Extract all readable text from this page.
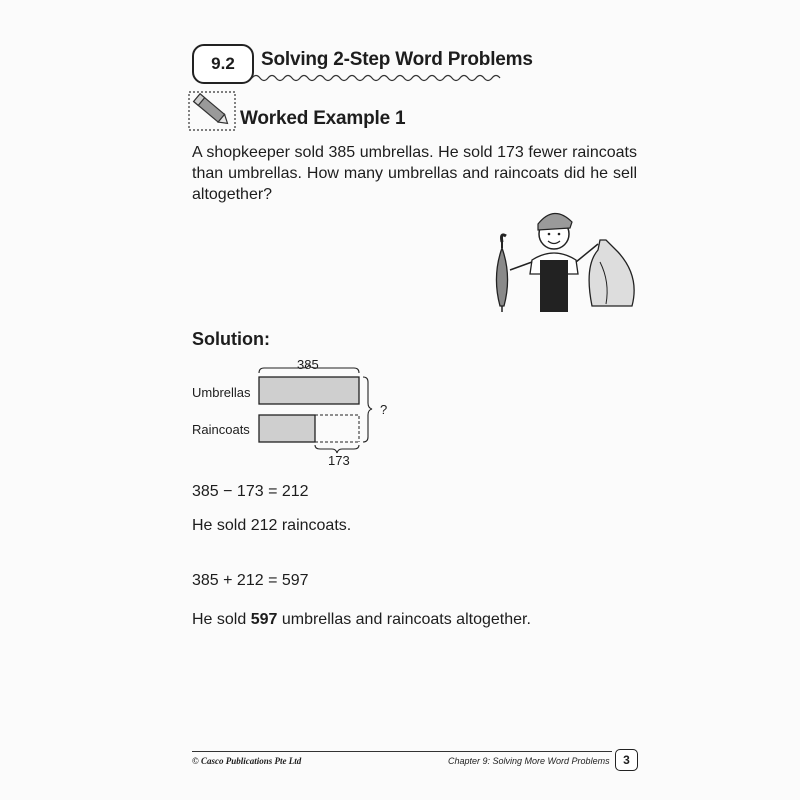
9.2	Solving 2-Step Word Problems
Worked Example 1
A shopkeeper sold 385 umbrellas. He sold 173 fewer raincoats than umbrellas. How many umbrellas and raincoats did he sell altogether?
Solution:
385
Umbrellas
Raincoats
173
?
385 − 173 = 212
He sold 212 raincoats.
385 + 212 = 597
He sold 597 umbrellas and raincoats altogether.
© Casco Publications Pte Ltd	Chapter 9: Solving More Word Problems	3
